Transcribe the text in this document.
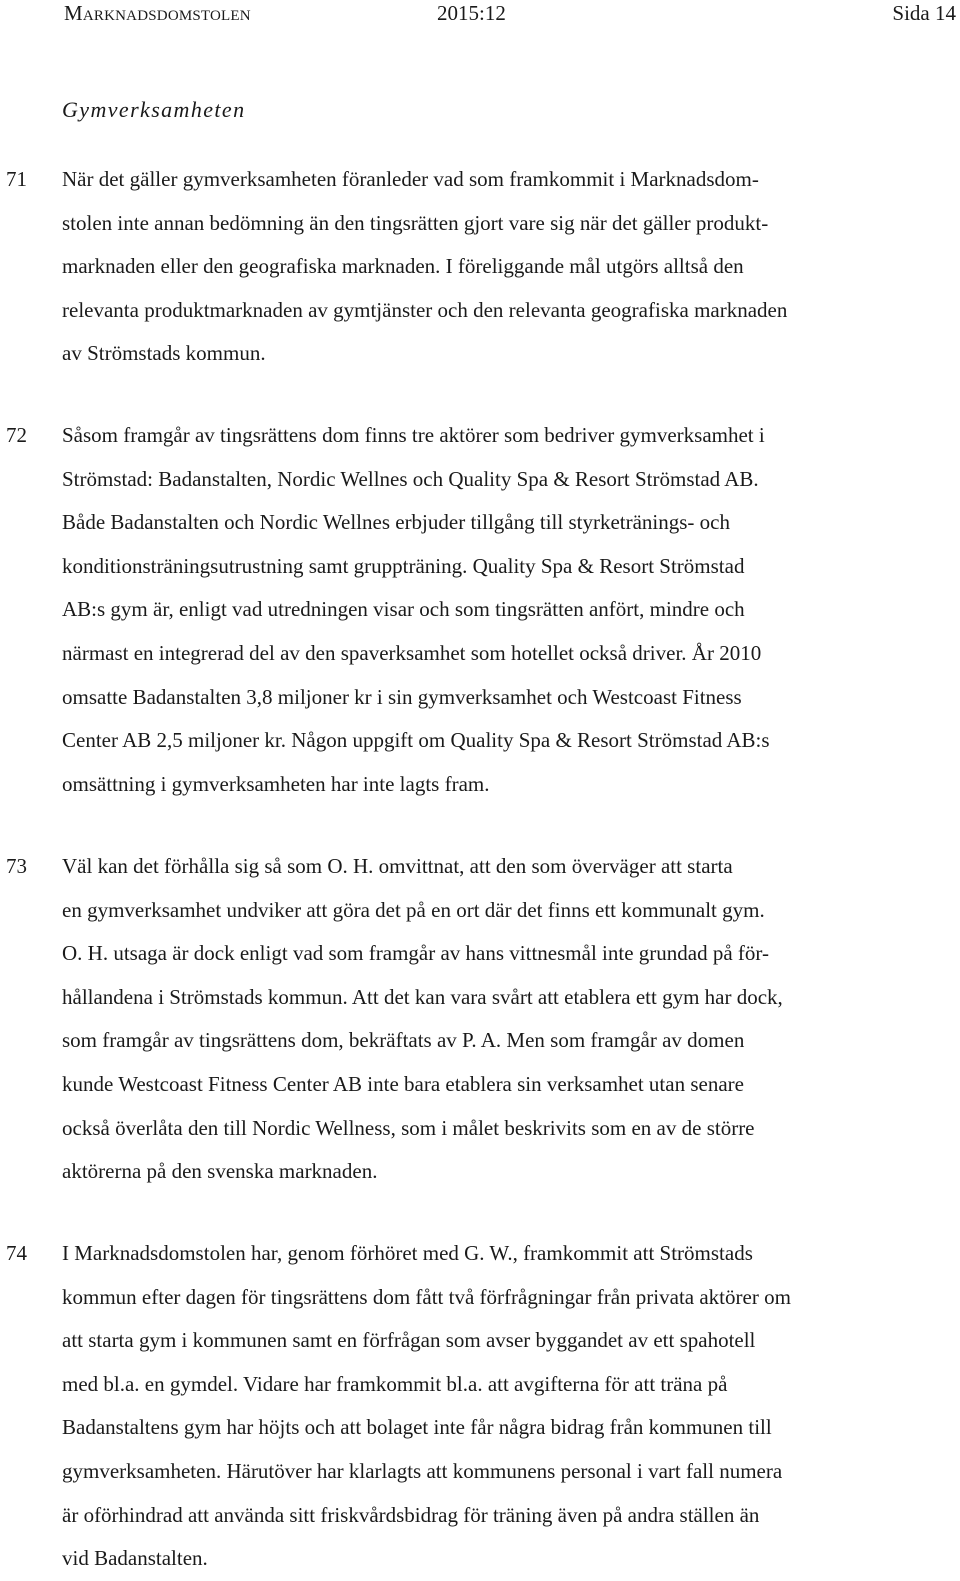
Marknadsdomstolen	2015:12	Sida 14
Gymverksamheten
71 När det gäller gymverksamheten föranleder vad som framkommit i Marknadsdom-
stolen inte annan bedömning än den tingsrätten gjort vare sig när det gäller produkt-
marknaden eller den geografiska marknaden. I föreliggande mål utgörs alltså den
relevanta produktmarknaden av gymtjänster och den relevanta geografiska marknaden
av Strömstads kommun.

72 Såsom framgår av tingsrättens dom finns tre aktörer som bedriver gymverksamhet i
Strömstad: Badanstalten, Nordic Wellnes och Quality Spa & Resort Strömstad AB.
Både Badanstalten och Nordic Wellnes erbjuder tillgång till styrketränings- och
konditionsträningsutrustning samt gruppträning. Quality Spa & Resort Strömstad
AB:s gym är, enligt vad utredningen visar och som tingsrätten anfört, mindre och
närmast en integrerad del av den spaverksamhet som hotellet också driver. År 2010
omsatte Badanstalten 3,8 miljoner kr i sin gymverksamhet och Westcoast Fitness
Center AB 2,5 miljoner kr. Någon uppgift om Quality Spa & Resort Strömstad AB:s
omsättning i gymverksamheten har inte lagts fram.

73 Väl kan det förhålla sig så som O. H. omvittnat, att den som överväger att starta
en gymverksamhet undviker att göra det på en ort där det finns ett kommunalt gym.
O. H. utsaga är dock enligt vad som framgår av hans vittnesmål inte grundad på för-
hållandena i Strömstads kommun. Att det kan vara svårt att etablera ett gym har dock,
som framgår av tingsrättens dom, bekräftats av P. A. Men som framgår av domen
kunde Westcoast Fitness Center AB inte bara etablera sin verksamhet utan senare
också överlåta den till Nordic Wellness, som i målet beskrivits som en av de större
aktörerna på den svenska marknaden.

74 I Marknadsdomstolen har, genom förhöret med G. W., framkommit att Strömstads
kommun efter dagen för tingsrättens dom fått två förfrågningar från privata aktörer om
att starta gym i kommunen samt en förfrågan som avser byggandet av ett spahotell
med bl.a. en gymdel. Vidare har framkommit bl.a. att avgifterna för att träna på
Badanstaltens gym har höjts och att bolaget inte får några bidrag från kommunen till
gymverksamheten. Härutöver har klarlagts att kommunens personal i vart fall numera
är oförhindrad att använda sitt friskvårdsbidrag för träning även på andra ställen än
vid Badanstalten.
